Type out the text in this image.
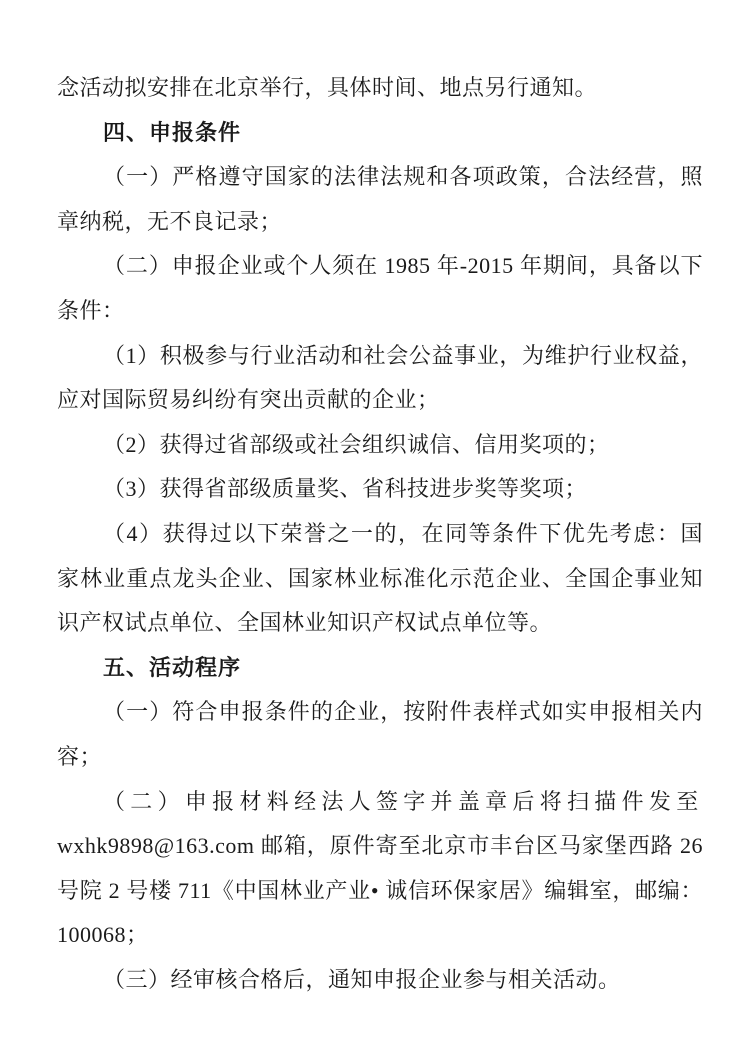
念活动拟安排在北京举行，具体时间、地点另行通知。
四、申报条件
（一）严格遵守国家的法律法规和各项政策，合法经营，照
章纳税，无不良记录；
（二）申报企业或个人须在 1985 年-2015 年期间，具备以下
条件：
（1）积极参与行业活动和社会公益事业，为维护行业权益，
应对国际贸易纠纷有突出贡献的企业；
（2）获得过省部级或社会组织诚信、信用奖项的；
（3）获得省部级质量奖、省科技进步奖等奖项；
（4）获得过以下荣誉之一的，在同等条件下优先考虑：国
家林业重点龙头企业、国家林业标准化示范企业、全国企事业知
识产权试点单位、全国林业知识产权试点单位等。
五、活动程序
（一）符合申报条件的企业，按附件表样式如实申报相关内
容；
（二）申报材料经法人签字并盖章后将扫描件发至
wxhk9898@163.com 邮箱，原件寄至北京市丰台区马家堡西路 26
号院 2 号楼 711《中国林业产业• 诚信环保家居》编辑室，邮编：
100068；
（三）经审核合格后，通知申报企业参与相关活动。
